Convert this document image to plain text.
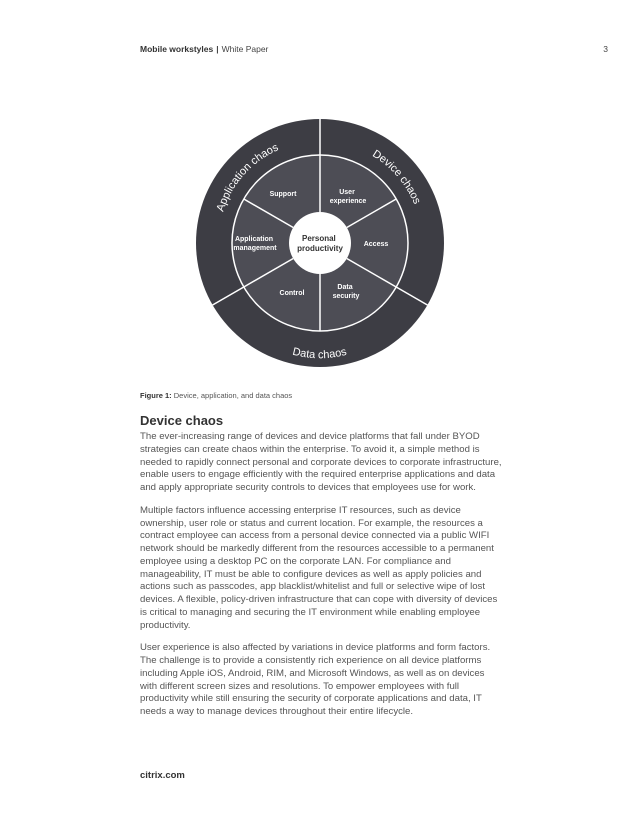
Mobile workstyles | White Paper	3
Personal productivity
Support	User experience
Access
Data security
Control
Application management
Application chaos	Device chaos
Data chaos
Figure 1: Device, application, and data chaos
Device chaos

The ever-increasing range of devices and device platforms that fall under BYOD strategies can create chaos within the enterprise. To avoid it, a simple method is needed to rapidly connect personal and corporate devices to corporate infrastructure, enable users to engage efficiently with the required enterprise applications and data and apply appropriate security controls to devices that employees use for work.

Multiple factors influence accessing enterprise IT resources, such as device ownership, user role or status and current location. For example, the resources a contract employee can access from a personal device connected via a public WIFI network should be markedly different from the resources accessible to a permanent employee using a desktop PC on the corporate LAN. For compliance and manageability, IT must be able to configure devices as well as apply policies and actions such as passcodes, app blacklist/whitelist and full or selective wipe of lost devices. A flexible, policy-driven infrastructure that can cope with diversity of devices is critical to managing and securing the IT environment while enabling employee productivity.

User experience is also affected by variations in device platforms and form factors. The challenge is to provide a consistently rich experience on all device platforms including Apple iOS, Android, RIM, and Microsoft Windows, as well as on devices with different screen sizes and resolutions. To empower employees with full productivity while still ensuring the security of corporate applications and data, IT needs a way to manage devices throughout their entire lifecycle.

citrix.com
